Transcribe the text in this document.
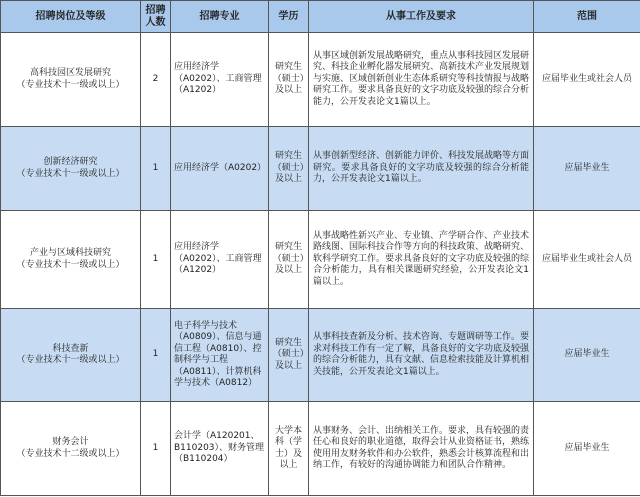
招聘岗位及等级	招聘人数	招聘专业	学历	从事工作及要求	范围

高科技园区发展研究
（专业技术十一级或以上）	2	应用经济学（A0202）、工商管理（A1202）	研究生（硕士）及以上	从事区域创新发展战略研究，重点从事科技园区发展研究、科技企业孵化器发展研究、高新技术产业发展规划与实施、区域创新创业生态体系研究等科技情报与战略研究工作。要求具备良好的文字功底及较强的综合分析能力，公开发表论文1篇以上。	应届毕业生或社会人员

创新经济研究
（专业技术十一级或以上）	1	应用经济学（A0202）	研究生（硕士）及以上	从事创新型经济、创新能力评价、科技发展战略等方面研究。要求具备良好的文字功底及较强的综合分析能力，公开发表论文1篇以上。	应届毕业生

产业与区域科技研究
（专业技术十一级或以上）	1	应用经济学（A0202）、工商管理（A1202）	研究生（硕士）及以上	从事战略性新兴产业、专业镇、产学研合作、产业技术路线图、国际科技合作等方向的科技政策、战略研究、软科学研究工作。要求具备良好的文字功底及较强的综合分析能力，具有相关课题研究经验，公开发表论文1篇以上。	应届毕业生或社会人员

科技查新
（专业技术十一级或以上）	1	电子科学与技术（A0809）、信息与通信工程（A0810）、控制科学与工程（A0811）、计算机科学与技术（A0812）	研究生（硕士）及以上	从事科技查新及分析、技术咨询、专题调研等工作。要求对科技工作有一定了解，具备良好的文字功底及较强的综合分析能力，具有文献、信息检索技能及计算机相关技能，公开发表论文1篇以上。	应届毕业生

财务会计
（专业技术十二级或以上）	1	会计学（A120201、B110203）、财务管理（B110204）	大学本科（学士）及以上	从事财务、会计、出纳相关工作。要求，具有较强的责任心和良好的职业道德，取得会计从业资格证书，熟练使用用友财务软件和办公软件，熟悉会计核算流程和出纳工作，有较好的沟通协调能力和团队合作精神。	应届毕业生
